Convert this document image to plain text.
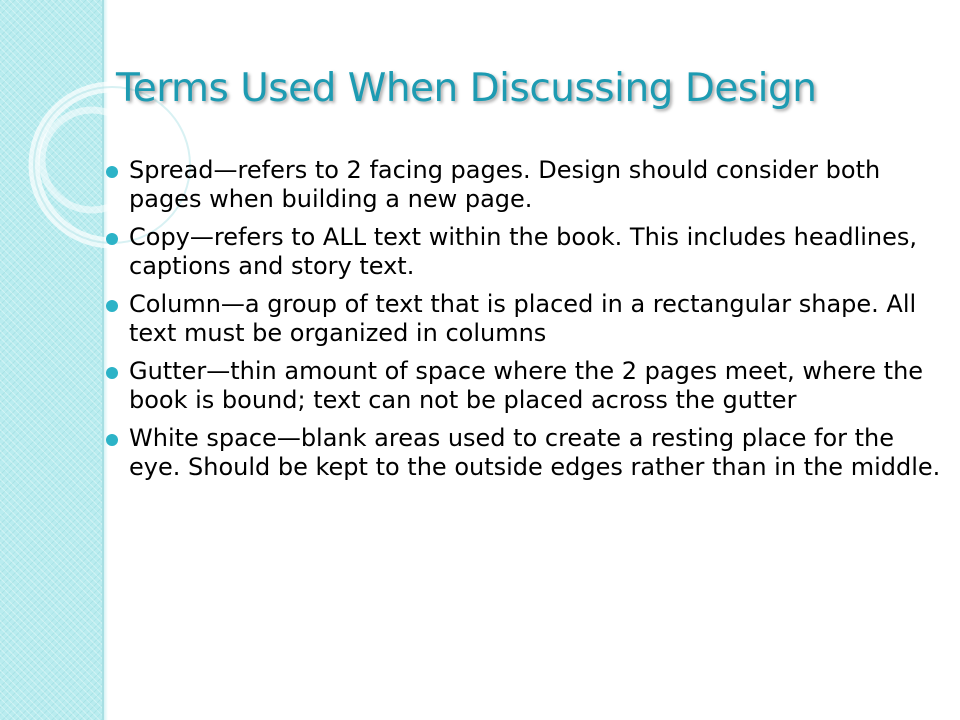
Terms Used When Discussing Design
Spread—refers to 2 facing pages. Design should consider both pages when building a new page.
Copy—refers to ALL text within the book. This includes headlines, captions and story text.
Column—a group of text that is placed in a rectangular shape. All text must be organized in columns
Gutter—thin amount of space where the 2 pages meet, where the book is bound; text can not be placed across the gutter
White space—blank areas used to create a resting place for the eye. Should be kept to the outside edges rather than in the middle.
